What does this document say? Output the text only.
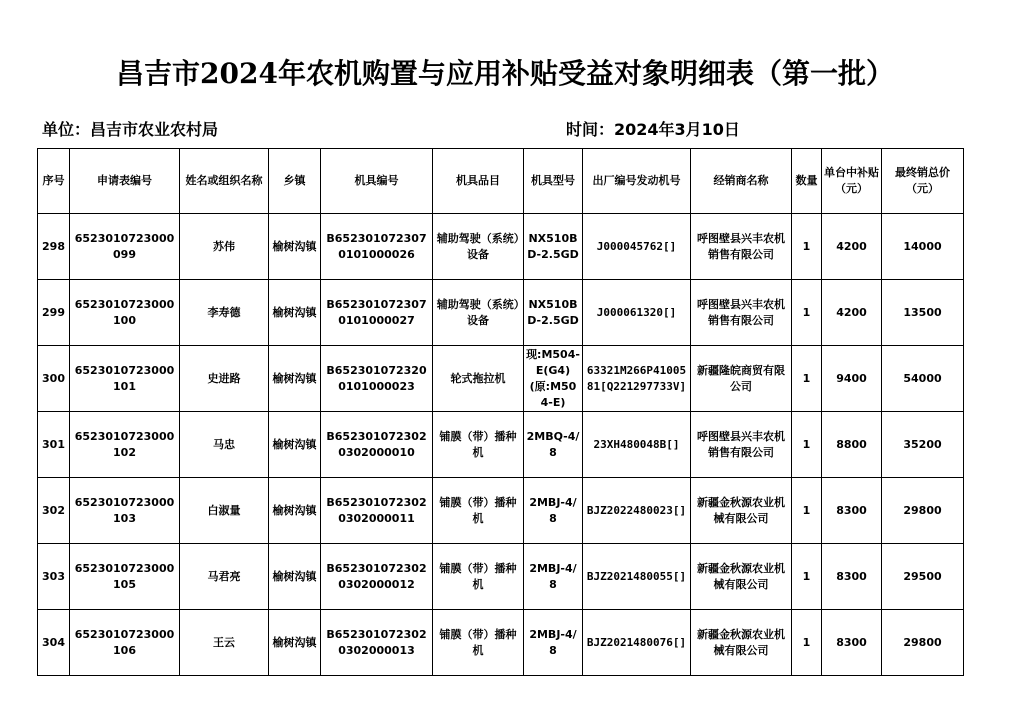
昌吉市2024年农机购置与应用补贴受益对象明细表（第一批）
单位：昌吉市农业农村局	时间：2024年3月10日
序号	申请表编号	姓名或组织名称	乡镇	机具编号	机具品目	机具型号	出厂编号发动机号	经销商名称	数量	单台中补贴（元）	最终销总价（元）
298	6523010723000099	苏伟	榆树沟镇	B6523010723070101000026	辅助驾驶（系统）设备	NX510BD-2.5GD	J000045762[]	呼图壁县兴丰农机销售有限公司	1	4200	14000
299	6523010723000100	李寿德	榆树沟镇	B6523010723070101000027	辅助驾驶（系统）设备	NX510BD-2.5GD	J000061320[]	呼图壁县兴丰农机销售有限公司	1	4200	13500
300	6523010723000101	史进路	榆树沟镇	B6523010723200101000023	轮式拖拉机	现:M504-E(G4)(原:M504-E)	63321M266P4100581[Q221297733V]	新疆隆皖商贸有限公司	1	9400	54000
301	6523010723000102	马忠	榆树沟镇	B6523010723020302000010	铺膜（带）播种机	2MBQ-4/8	23XH480048B[]	呼图壁县兴丰农机销售有限公司	1	8800	35200
302	6523010723000103	白淑量	榆树沟镇	B6523010723020302000011	铺膜（带）播种机	2MBJ-4/8	BJZ2022480023[]	新疆金秋源农业机械有限公司	1	8300	29800
303	6523010723000105	马君亮	榆树沟镇	B6523010723020302000012	铺膜（带）播种机	2MBJ-4/8	BJZ2021480055[]	新疆金秋源农业机械有限公司	1	8300	29500
304	6523010723000106	王云	榆树沟镇	B6523010723020302000013	铺膜（带）播种机	2MBJ-4/8	BJZ2021480076[]	新疆金秋源农业机械有限公司	1	8300	29800
